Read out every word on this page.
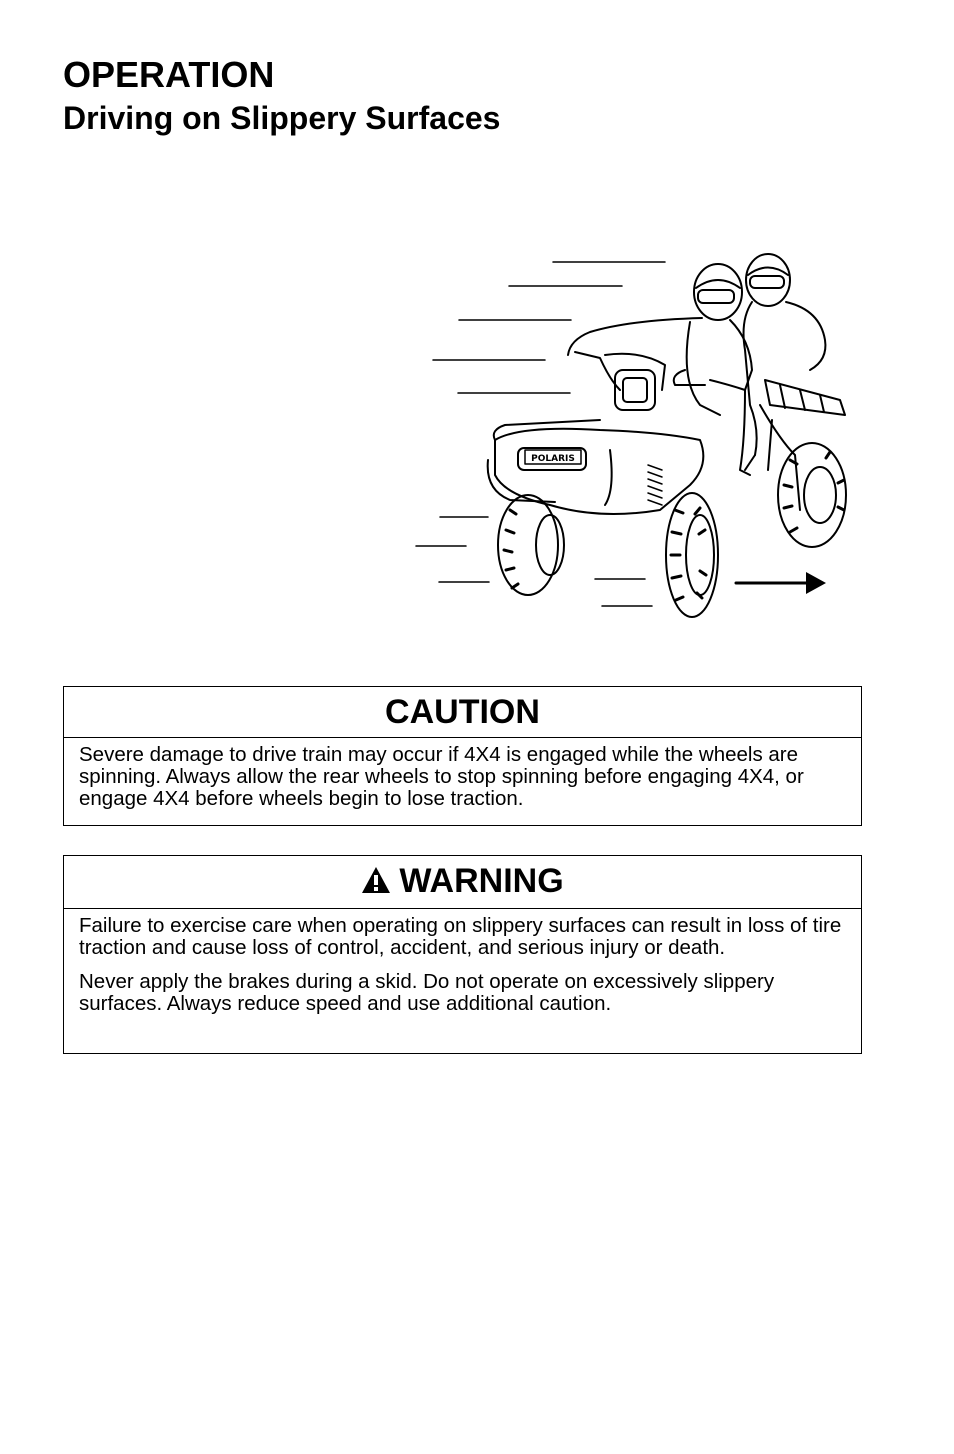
OPERATION
Driving on Slippery Surfaces
POLARIS
CAUTION

Severe damage to drive train may occur if 4X4 is engaged while the wheels are spinning. Always allow the rear wheels to stop spinning before engaging 4X4, or engage 4X4 before wheels begin to lose traction.

WARNING

Failure to exercise care when operating on slippery surfaces can result in loss of tire traction and cause loss of control, accident, and serious injury or death.

Never apply the brakes during a skid. Do not operate on excessively slippery surfaces. Always reduce speed and use additional caution.
